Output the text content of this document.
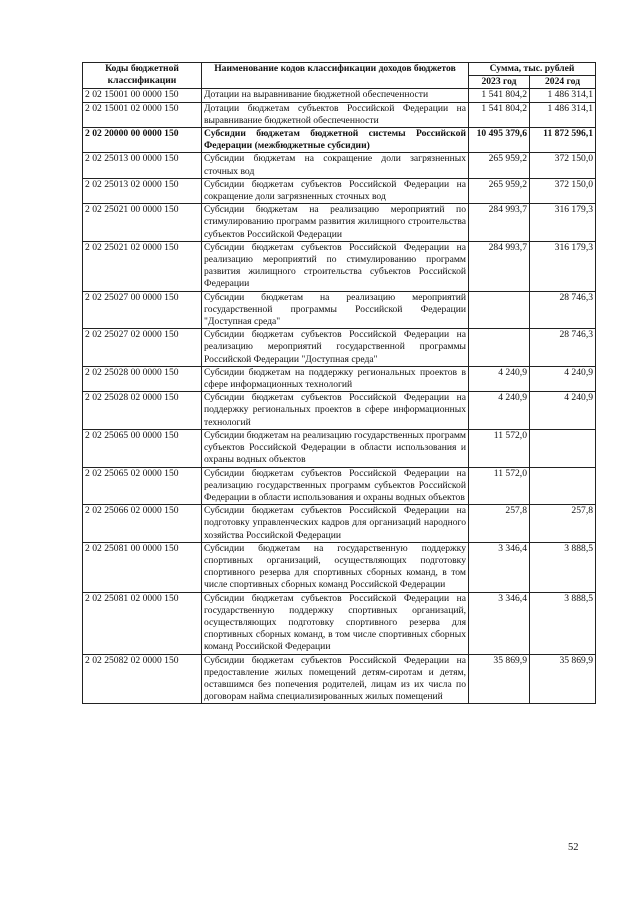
Коды бюджетной классификации	Наименование кодов классификации доходов бюджетов	Сумма, тыс. рублей	
		2023 год	2024 год
2 02 15001 00 0000 150	Дотации на выравнивание бюджетной обеспеченности	1 541 804,2	1 486 314,1
2 02 15001 02 0000 150	Дотации бюджетам субъектов Российской Федерации на выравнивание бюджетной обеспеченности	1 541 804,2	1 486 314,1
2 02 20000 00 0000 150	Субсидии бюджетам бюджетной системы Российской Федерации (межбюджетные субсидии)	10 495 379,6	11 872 596,1
2 02 25013 00 0000 150	Субсидии бюджетам на сокращение доли загрязненных сточных вод	265 959,2	372 150,0
2 02 25013 02 0000 150	Субсидии бюджетам субъектов Российской Федерации на сокращение доли загрязненных сточных вод	265 959,2	372 150,0
2 02 25021 00 0000 150	Субсидии бюджетам на реализацию мероприятий по стимулированию программ развития жилищного строительства субъектов Российской Федерации	284 993,7	316 179,3
2 02 25021 02 0000 150	Субсидии бюджетам субъектов Российской Федерации на реализацию мероприятий по стимулированию программ развития жилищного строительства субъектов Российской Федерации	284 993,7	316 179,3
2 02 25027 00 0000 150	Субсидии бюджетам на реализацию мероприятий государственной программы Российской Федерации "Доступная среда"		28 746,3
2 02 25027 02 0000 150	Субсидии бюджетам субъектов Российской Федерации на реализацию мероприятий государственной программы Российской Федерации "Доступная среда"		28 746,3
2 02 25028 00 0000 150	Субсидии бюджетам на поддержку региональных проектов в сфере информационных технологий	4 240,9	4 240,9
2 02 25028 02 0000 150	Субсидии бюджетам субъектов Российской Федерации на поддержку региональных проектов в сфере информационных технологий	4 240,9	4 240,9
2 02 25065 00 0000 150	Субсидии бюджетам на реализацию государственных программ субъектов Российской Федерации в области использования и охраны водных объектов	11 572,0	
2 02 25065 02 0000 150	Субсидии бюджетам субъектов Российской Федерации на реализацию государственных программ субъектов Российской Федерации в области использования и охраны водных объектов	11 572,0	
2 02 25066 02 0000 150	Субсидии бюджетам субъектов Российской Федерации на подготовку управленческих кадров для организаций народного хозяйства Российской Федерации	257,8	257,8
2 02 25081 00 0000 150	Субсидии бюджетам на государственную поддержку спортивных организаций, осуществляющих подготовку спортивного резерва для спортивных сборных команд, в том числе спортивных сборных команд Российской Федерации	3 346,4	3 888,5
2 02 25081 02 0000 150	Субсидии бюджетам субъектов Российской Федерации на государственную поддержку спортивных организаций, осуществляющих подготовку спортивного резерва для спортивных сборных команд, в том числе спортивных сборных команд Российской Федерации	3 346,4	3 888,5
2 02 25082 02 0000 150	Субсидии бюджетам субъектов Российской Федерации на предоставление жилых помещений детям-сиротам и детям, оставшимся без попечения родителей, лицам из их числа по договорам найма специализированных жилых помещений	35 869,9	35 869,9
52
